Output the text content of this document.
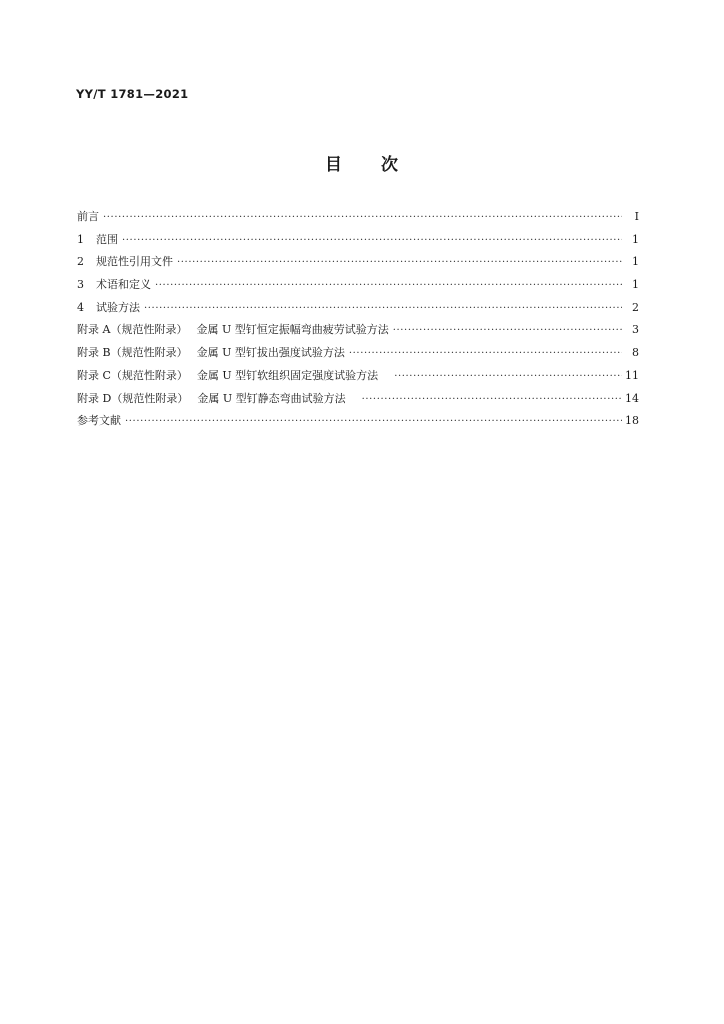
YY/T 1781—2021
目 次
前言 ·····	Ⅰ
1 范围 ·····	1
2 规范性引用文件 ·····	1
3 术语和定义 ·····	1
4 试验方法 ·····	2
附录 A（规范性附录） 金属 U 型钉恒定振幅弯曲疲劳试验方法 ·····	3
附录 B（规范性附录） 金属 U 型钉拔出强度试验方法 ·····	8
附录 C（规范性附录） 金属 U 型钉软组织固定强度试验方法 ·····	11
附录 D（规范性附录） 金属 U 型钉静态弯曲试验方法 ·····	14
参考文献 ·····	18
